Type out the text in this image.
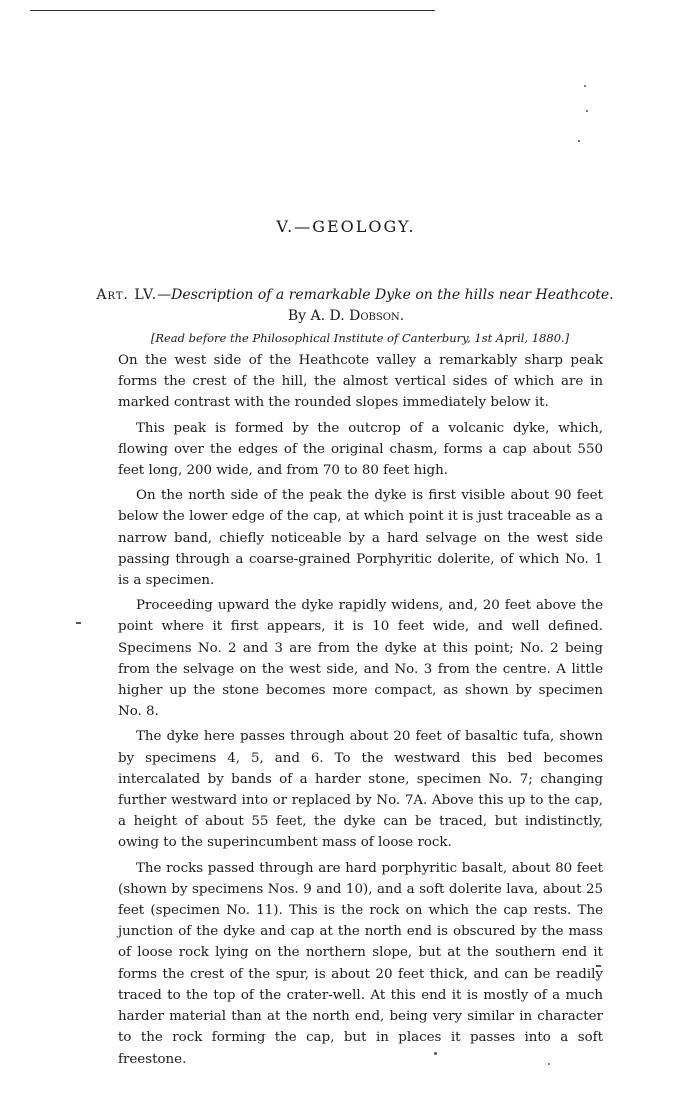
V.—GEOLOGY.
Art. LV.—Description of a remarkable Dyke on the hills near Heathcote.
By A. D. Dobson.
[Read before the Philosophical Institute of Canterbury, 1st April, 1880.]

On the west side of the Heathcote valley a remarkably sharp peak forms the crest of the hill, the almost vertical sides of which are in marked contrast with the rounded slopes immediately below it.

This peak is formed by the outcrop of a volcanic dyke, which, flowing over the edges of the original chasm, forms a cap about 550 feet long, 200 wide, and from 70 to 80 feet high.

On the north side of the peak the dyke is first visible about 90 feet below the lower edge of the cap, at which point it is just traceable as a narrow band, chiefly noticeable by a hard selvage on the west side passing through a coarse-grained Porphyritic dolerite, of which No. 1 is a specimen.

Proceeding upward the dyke rapidly widens, and, 20 feet above the point where it first appears, it is 10 feet wide, and well defined. Specimens No. 2 and 3 are from the dyke at this point; No. 2 being from the selvage on the west side, and No. 3 from the centre. A little higher up the stone becomes more compact, as shown by specimen No. 8.

The dyke here passes through about 20 feet of basaltic tufa, shown by specimens 4, 5, and 6. To the westward this bed becomes intercalated by bands of a harder stone, specimen No. 7; changing further westward into or replaced by No. 7A. Above this up to the cap, a height of about 55 feet, the dyke can be traced, but indistinctly, owing to the superincumbent mass of loose rock.

The rocks passed through are hard porphyritic basalt, about 80 feet (shown by specimens Nos. 9 and 10), and a soft dolerite lava, about 25 feet (specimen No. 11). This is the rock on which the cap rests. The junction of the dyke and cap at the north end is obscured by the mass of loose rock lying on the northern slope, but at the southern end it forms the crest of the spur, is about 20 feet thick, and can be readily traced to the top of the crater-well. At this end it is mostly of a much harder material than at the north end, being very similar in character to the rock forming the cap, but in places it passes into a soft freestone.
